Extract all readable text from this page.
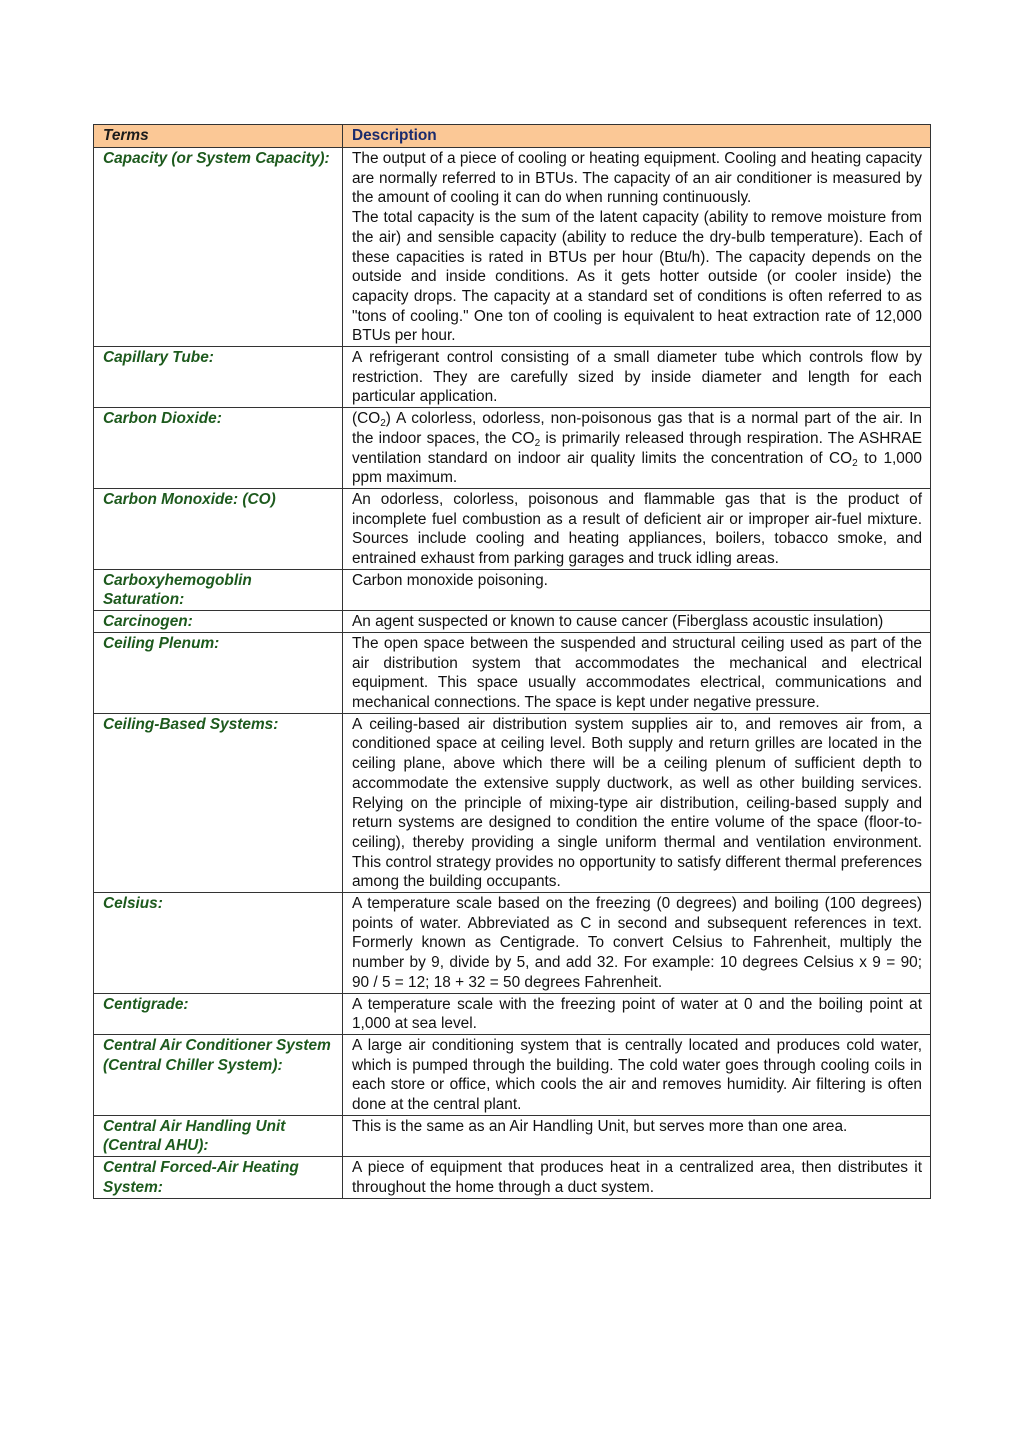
Terms	Description
Capacity (or System Capacity):	The output of a piece of cooling or heating equipment. Cooling and heating capacity are normally referred to in BTUs. The capacity of an air conditioner is measured by the amount of cooling it can do when running continuously.

The total capacity is the sum of the latent capacity (ability to remove moisture from the air) and sensible capacity (ability to reduce the dry-bulb temperature). Each of these capacities is rated in BTUs per hour (Btu/h). The capacity depends on the outside and inside conditions. As it gets hotter outside (or cooler inside) the capacity drops. The capacity at a standard set of conditions is often referred to as "tons of cooling." One ton of cooling is equivalent to heat extraction rate of 12,000 BTUs per hour.

Capillary Tube:	A refrigerant control consisting of a small diameter tube which controls flow by restriction. They are carefully sized by inside diameter and length for each particular application.

Carbon Dioxide:	$(CO_2)$ A colorless, odorless, non-poisonous gas that is a normal part of the air. In the indoor spaces, the $CO_2$ is primarily released through respiration. The ASHRAE ventilation standard on indoor air quality limits the concentration of $CO_2$ to 1,000 ppm maximum.

Carbon Monoxide: (CO)	An odorless, colorless, poisonous and flammable gas that is the product of incomplete fuel combustion as a result of deficient air or improper air-fuel mixture. Sources include cooling and heating appliances, boilers, tobacco smoke, and entrained exhaust from parking garages and truck idling areas.

Carboxyhemogoblin Saturation:	Carbon monoxide poisoning.

Carcinogen:	An agent suspected or known to cause cancer (Fiberglass acoustic insulation)

Ceiling Plenum:	The open space between the suspended and structural ceiling used as part of the air distribution system that accommodates the mechanical and electrical equipment. This space usually accommodates electrical, communications and mechanical connections. The space is kept under negative pressure.

Ceiling-Based Systems:	A ceiling-based air distribution system supplies air to, and removes air from, a conditioned space at ceiling level. Both supply and return grilles are located in the ceiling plane, above which there will be a ceiling plenum of sufficient depth to accommodate the extensive supply ductwork, as well as other building services. Relying on the principle of mixing-type air distribution, ceiling-based supply and return systems are designed to condition the entire volume of the space (floor-to-ceiling), thereby providing a single uniform thermal and ventilation environment. This control strategy provides no opportunity to satisfy different thermal preferences among the building occupants.

Celsius:	A temperature scale based on the freezing (0 degrees) and boiling (100 degrees) points of water. Abbreviated as C in second and subsequent references in text. Formerly known as Centigrade. To convert Celsius to Fahrenheit, multiply the number by 9, divide by 5, and add 32. For example: 10 degrees Celsius x 9 = 90; 90 / 5 = 12; 18 + 32 = 50 degrees Fahrenheit.

Centigrade:	A temperature scale with the freezing point of water at 0 and the boiling point at 1,000 at sea level.

Central Air Conditioner System (Central Chiller System):	A large air conditioning system that is centrally located and produces cold water, which is pumped through the building. The cold water goes through cooling coils in each store or office, which cools the air and removes humidity. Air filtering is often done at the central plant.

Central Air Handling Unit (Central AHU):	This is the same as an Air Handling Unit, but serves more than one area.

Central Forced-Air Heating System:	A piece of equipment that produces heat in a centralized area, then distributes it throughout the home through a duct system.
